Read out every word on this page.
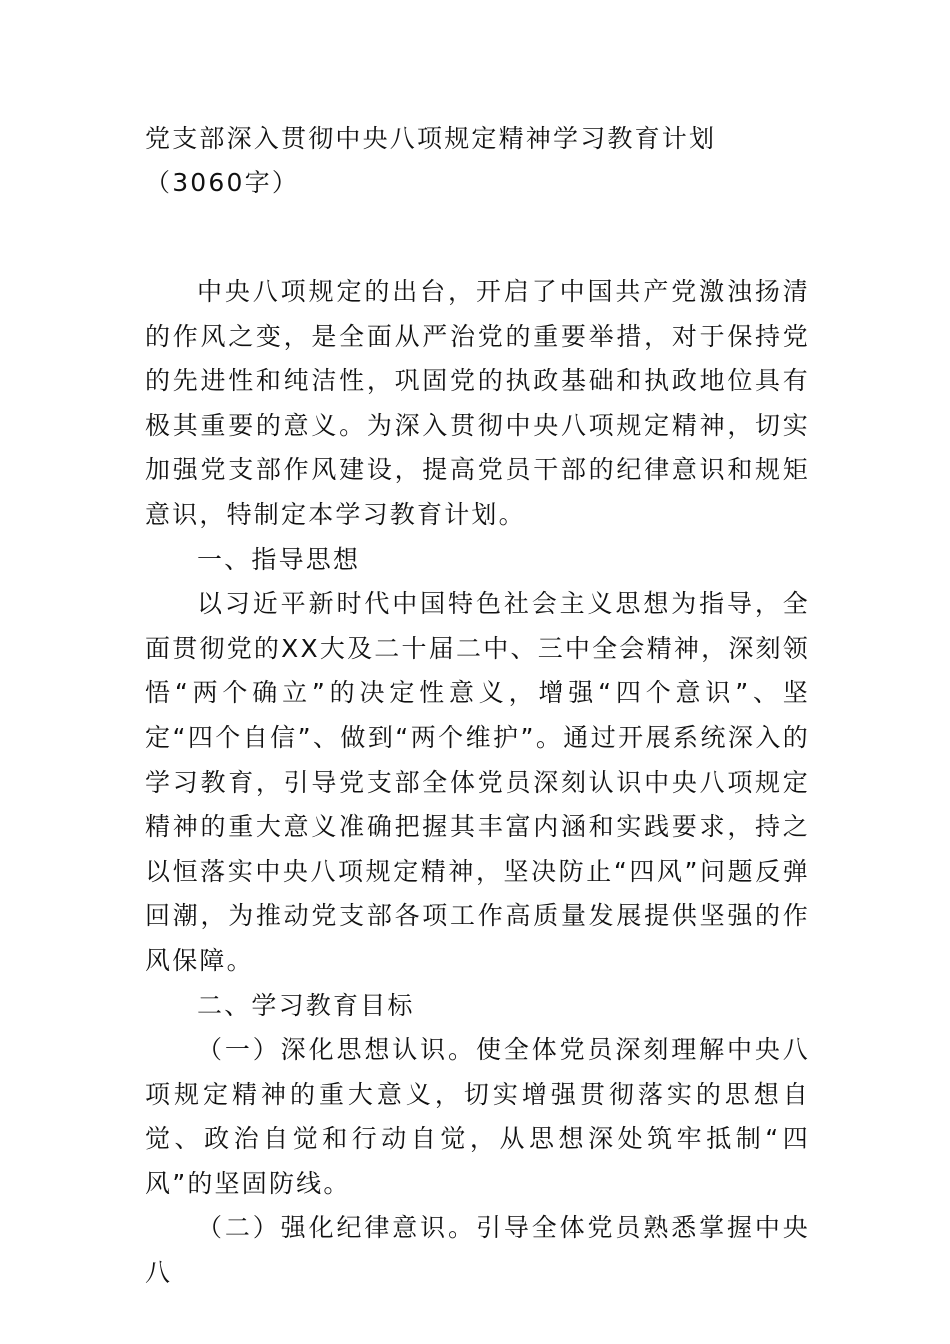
党支部深入贯彻中央八项规定精神学习教育计划（3060字）

中央八项规定的出台，开启了中国共产党激浊扬清的作风之变，是全面从严治党的重要举措，对于保持党的先进性和纯洁性，巩固党的执政基础和执政地位具有极其重要的意义。为深入贯彻中央八项规定精神，切实加强党支部作风建设，提高党员干部的纪律意识和规矩意识，特制定本学习教育计划。

一、指导思想

以习近平新时代中国特色社会主义思想为指导，全面贯彻党的XX大及二十届二中、三中全会精神，深刻领悟“两个确立”的决定性意义，增强“四个意识”、坚定“四个自信”、做到“两个维护”。通过开展系统深入的学习教育，引导党支部全体党员深刻认识中央八项规定精神的重大意义准确把握其丰富内涵和实践要求，持之以恒落实中央八项规定精神，坚决防止“四风”问题反弹回潮，为推动党支部各项工作高质量发展提供坚强的作风保障。

二、学习教育目标

（一）深化思想认识。使全体党员深刻理解中央八项规定精神的重大意义，切实增强贯彻落实的思想自觉、政治自觉和行动自觉，从思想深处筑牢抵制“四风”的坚固防线。

（二）强化纪律意识。引导全体党员熟悉掌握中央八
